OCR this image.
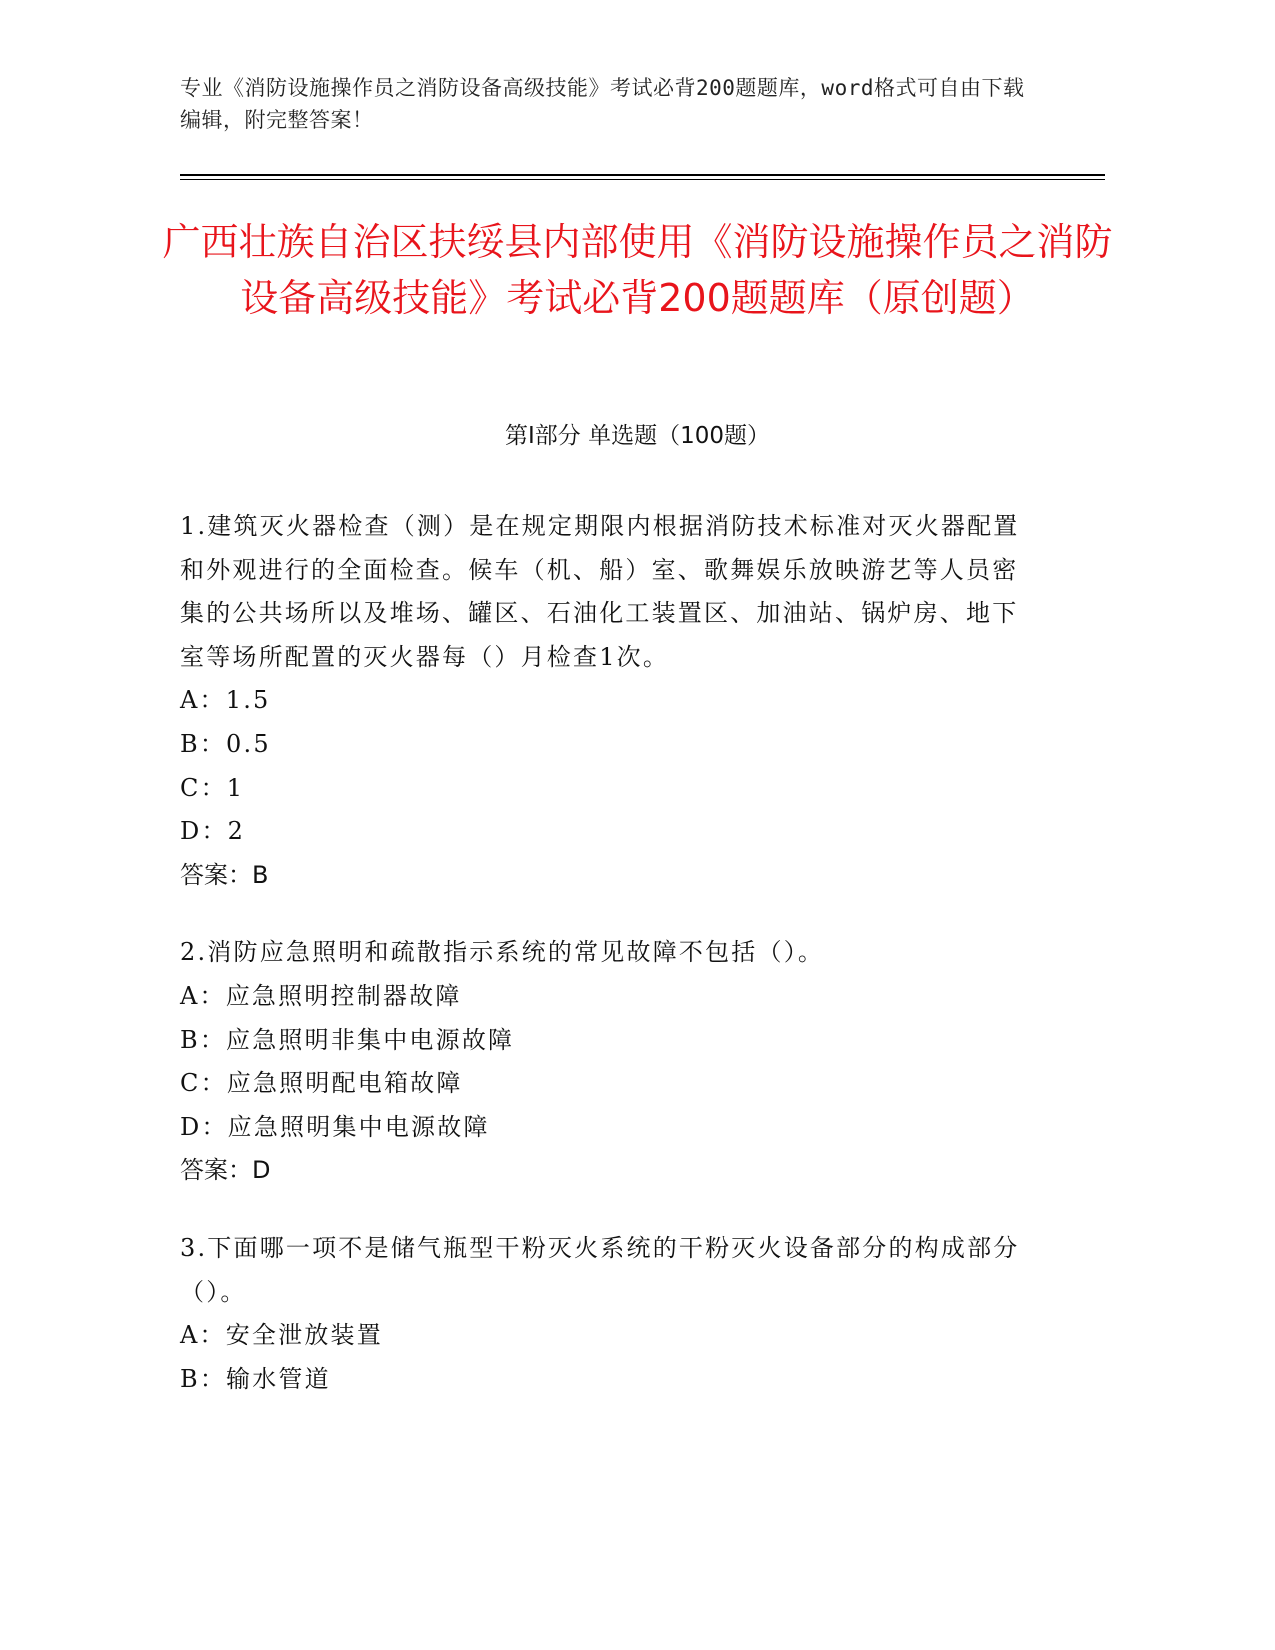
专业《消防设施操作员之消防设备高级技能》考试必背200题题库，word格式可自由下载编辑，附完整答案！
广西壮族自治区扶绥县内部使用《消防设施操作员之消防设备高级技能》考试必背200题题库（原创题）
第I部分 单选题（100题）

1.建筑灭火器检查（测）是在规定期限内根据消防技术标准对灭火器配置和外观进行的全面检查。候车（机、船）室、歌舞娱乐放映游艺等人员密集的公共场所以及堆场、罐区、石油化工装置区、加油站、锅炉房、地下室等场所配置的灭火器每（）月检查1次。

A：1.5

B：0.5

C：1

D：2

答案：B

2.消防应急照明和疏散指示系统的常见故障不包括（）。

A：应急照明控制器故障

B：应急照明非集中电源故障

C：应急照明配电箱故障

D：应急照明集中电源故障

答案：D

3.下面哪一项不是储气瓶型干粉灭火系统的干粉灭火设备部分的构成部分（）。

A：安全泄放装置

B：输水管道
